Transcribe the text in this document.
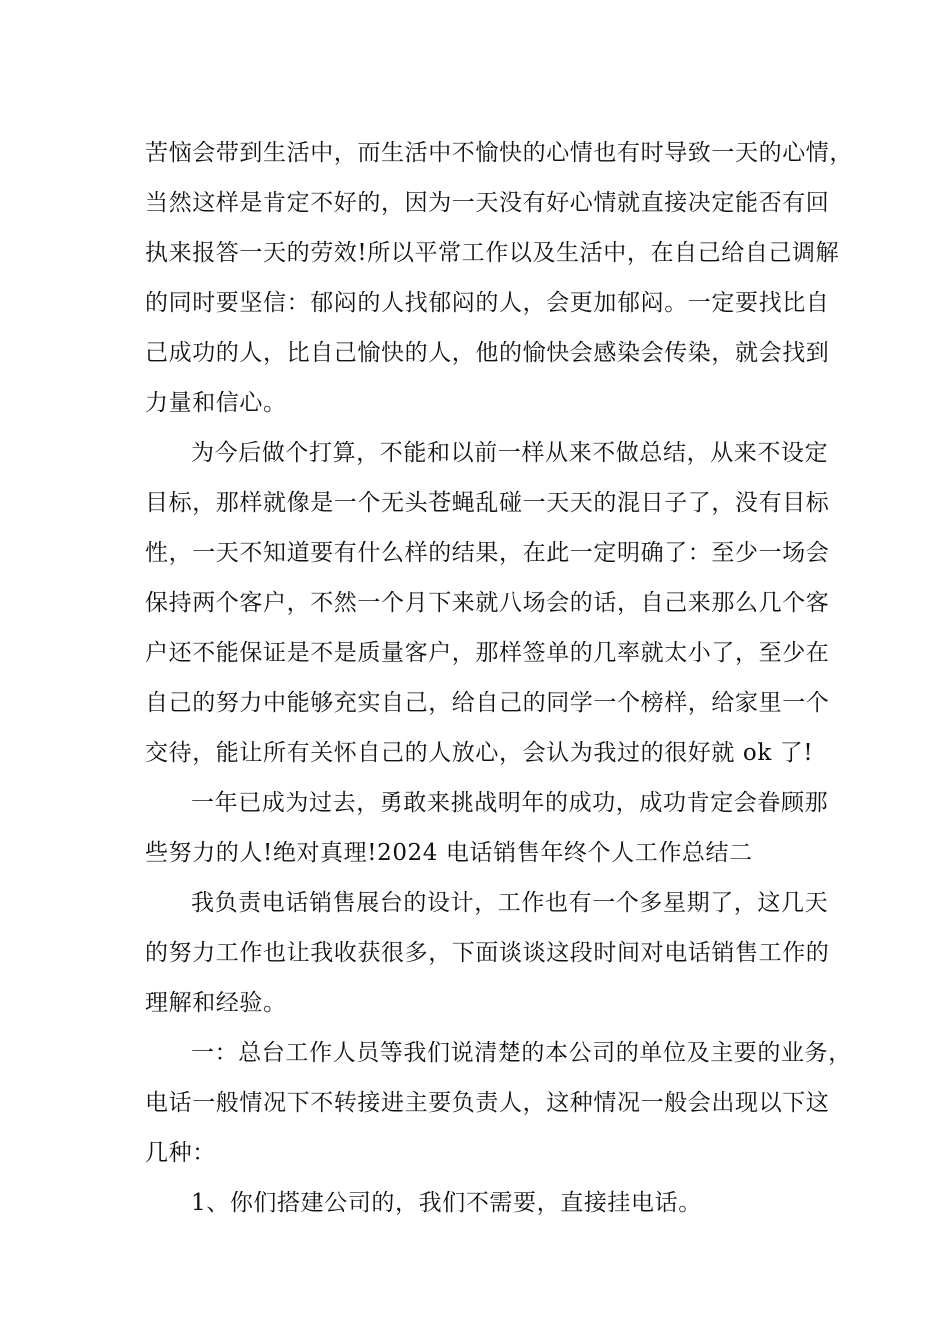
苦恼会带到生活中，而生活中不愉快的心情也有时导致一天的心情，
当然这样是肯定不好的，因为一天没有好心情就直接决定能否有回
执来报答一天的劳效!所以平常工作以及生活中，在自己给自己调解
的同时要坚信：郁闷的人找郁闷的人，会更加郁闷。一定要找比自
己成功的人，比自己愉快的人，他的愉快会感染会传染，就会找到
力量和信心。

为今后做个打算，不能和以前一样从来不做总结，从来不设定
目标，那样就像是一个无头苍蝇乱碰一天天的混日子了，没有目标
性，一天不知道要有什么样的结果，在此一定明确了：至少一场会
保持两个客户，不然一个月下来就八场会的话，自己来那么几个客
户还不能保证是不是质量客户，那样签单的几率就太小了，至少在
自己的努力中能够充实自己，给自己的同学一个榜样，给家里一个
交待，能让所有关怀自己的人放心，会认为我过的很好就 ok 了!

一年已成为过去，勇敢来挑战明年的成功，成功肯定会眷顾那
些努力的人!绝对真理!2024 电话销售年终个人工作总结二

我负责电话销售展台的设计，工作也有一个多星期了，这几天
的努力工作也让我收获很多，下面谈谈这段时间对电话销售工作的
理解和经验。

一：总台工作人员等我们说清楚的本公司的单位及主要的业务，
电话一般情况下不转接进主要负责人，这种情况一般会出现以下这
几种：

1、你们搭建公司的，我们不需要，直接挂电话。
